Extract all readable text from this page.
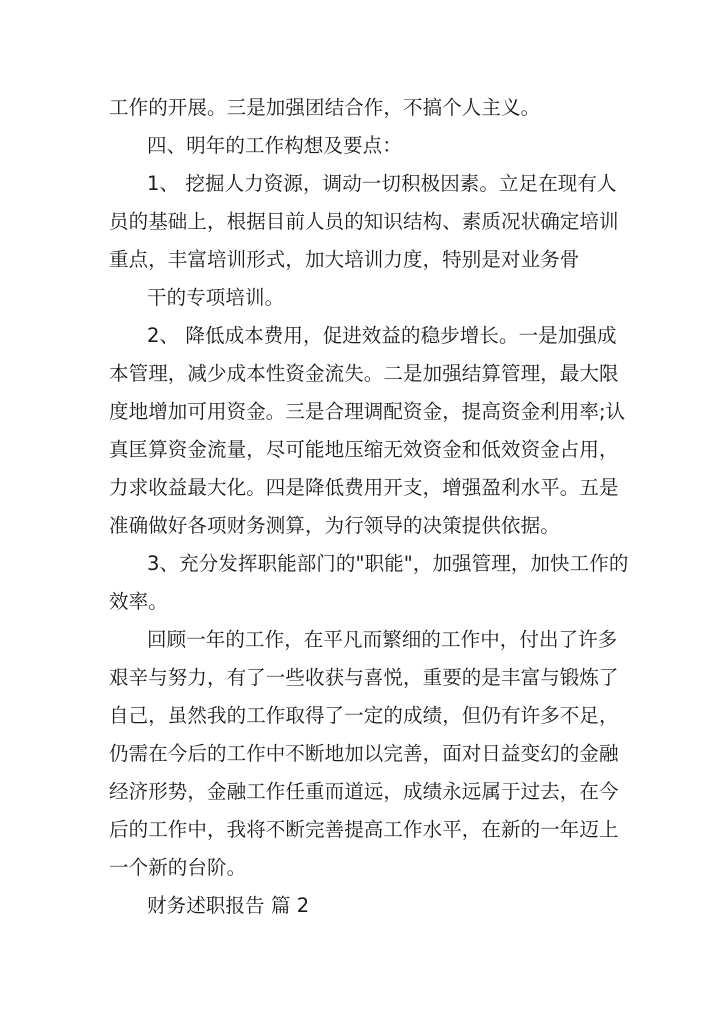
工作的开展。三是加强团结合作，不搞个人主义。
四、明年的工作构想及要点：
1、 挖掘人力资源，调动一切积极因素。立足在现有人
员的基础上，根据目前人员的知识结构、素质况状确定培训
重点，丰富培训形式，加大培训力度，特别是对业务骨
干的专项培训。
2、 降低成本费用，促进效益的稳步增长。一是加强成
本管理，减少成本性资金流失。二是加强结算管理，最大限
度地增加可用资金。三是合理调配资金，提高资金利用率;认
真匡算资金流量，尽可能地压缩无效资金和低效资金占用，
力求收益最大化。四是降低费用开支，增强盈利水平。五是
准确做好各项财务测算，为行领导的决策提供依据。
3、充分发挥职能部门的"职能"，加强管理，加快工作的
效率。
回顾一年的工作，在平凡而繁细的工作中，付出了许多
艰辛与努力，有了一些收获与喜悦，重要的是丰富与锻炼了
自己，虽然我的工作取得了一定的成绩，但仍有许多不足，
仍需在今后的工作中不断地加以完善，面对日益变幻的金融
经济形势，金融工作任重而道远，成绩永远属于过去，在今
后的工作中，我将不断完善提高工作水平，在新的一年迈上
一个新的台阶。
财务述职报告 篇 2
